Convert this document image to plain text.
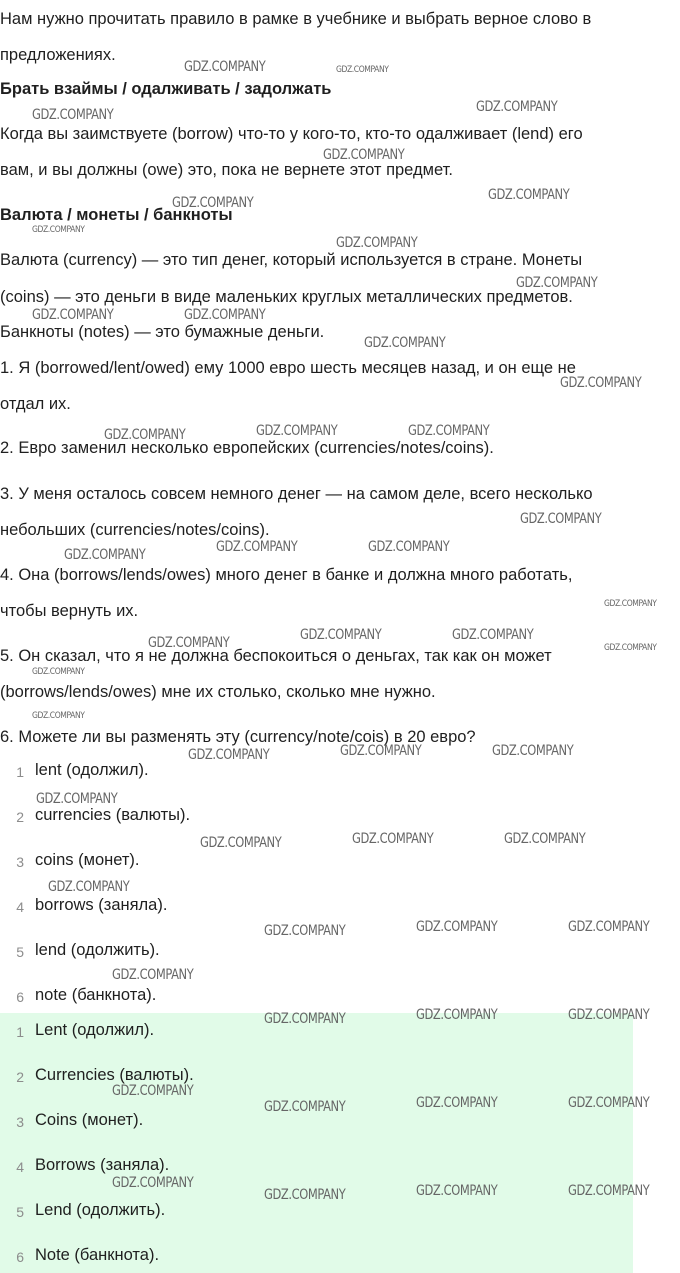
Нам нужно прочитать правило в рамке в учебнике и выбрать верное слово в

предложениях.

Брать взаймы / одалживать / задолжать

Когда вы заимствуете (borrow) что-то у кого-то, кто-то одалживает (lend) его

вам, и вы должны (owe) это, пока не вернете этот предмет.

Валюта / монеты / банкноты

Валюта (currency) — это тип денег, который используется в стране. Монеты

(coins) — это деньги в виде маленьких круглых металлических предметов.

Банкноты (notes) — это бумажные деньги.

1. Я (borrowed/lent/owed) ему 1000 евро шесть месяцев назад, и он еще не

отдал их.

2. Евро заменил несколько европейских (currencies/notes/coins).

3. У меня осталось совсем немного денег — на самом деле, всего несколько

небольших (currencies/notes/coins).

4. Она (borrows/lends/owes) много денег в банке и должна много работать,

чтобы вернуть их.

5. Он сказал, что я не должна беспокоиться о деньгах, так как он может

(borrows/lends/owes) мне их столько, сколько мне нужно.

6. Можете ли вы разменять эту (currency/note/cois) в 20 евро?

1 lent (одолжил).
2 currencies (валюты).
3 coins (монет).
4 borrows (заняла).
5 lend (одолжить).
6 note (банкнота).
1 Lent (одолжил).
2 Currencies (валюты).
3 Coins (монет).
4 Borrows (заняла).
5 Lend (одолжить).
6 Note (банкнота).
GDZ.COMPANY	GDZ.COMPANY
GDZ.COMPANY	GDZ.COMPANY
GDZ.COMPANY
GDZ.COMPANY
GDZ.COMPANY
GDZ.COMPANY
GDZ.COMPANY
GDZ.COMPANY
GDZ.COMPANY	GDZ.COMPANY
GDZ.COMPANY
GDZ.COMPANY
GDZ.COMPANY	GDZ.COMPANY	GDZ.COMPANY
GDZ.COMPANY
GDZ.COMPANY	GDZ.COMPANY	GDZ.COMPANY
GDZ.COMPANY
GDZ.COMPANY	GDZ.COMPANY	GDZ.COMPANY
GDZ.COMPANY
GDZ.COMPANY
GDZ.COMPANY
GDZ.COMPANY	GDZ.COMPANY	GDZ.COMPANY
GDZ.COMPANY
GDZ.COMPANY	GDZ.COMPANY	GDZ.COMPANY
GDZ.COMPANY
GDZ.COMPANY	GDZ.COMPANY	GDZ.COMPANY
GDZ.COMPANY
GDZ.COMPANY	GDZ.COMPANY	GDZ.COMPANY
GDZ.COMPANY
GDZ.COMPANY	GDZ.COMPANY	GDZ.COMPANY
GDZ.COMPANY
GDZ.COMPANY	GDZ.COMPANY	GDZ.COMPANY
